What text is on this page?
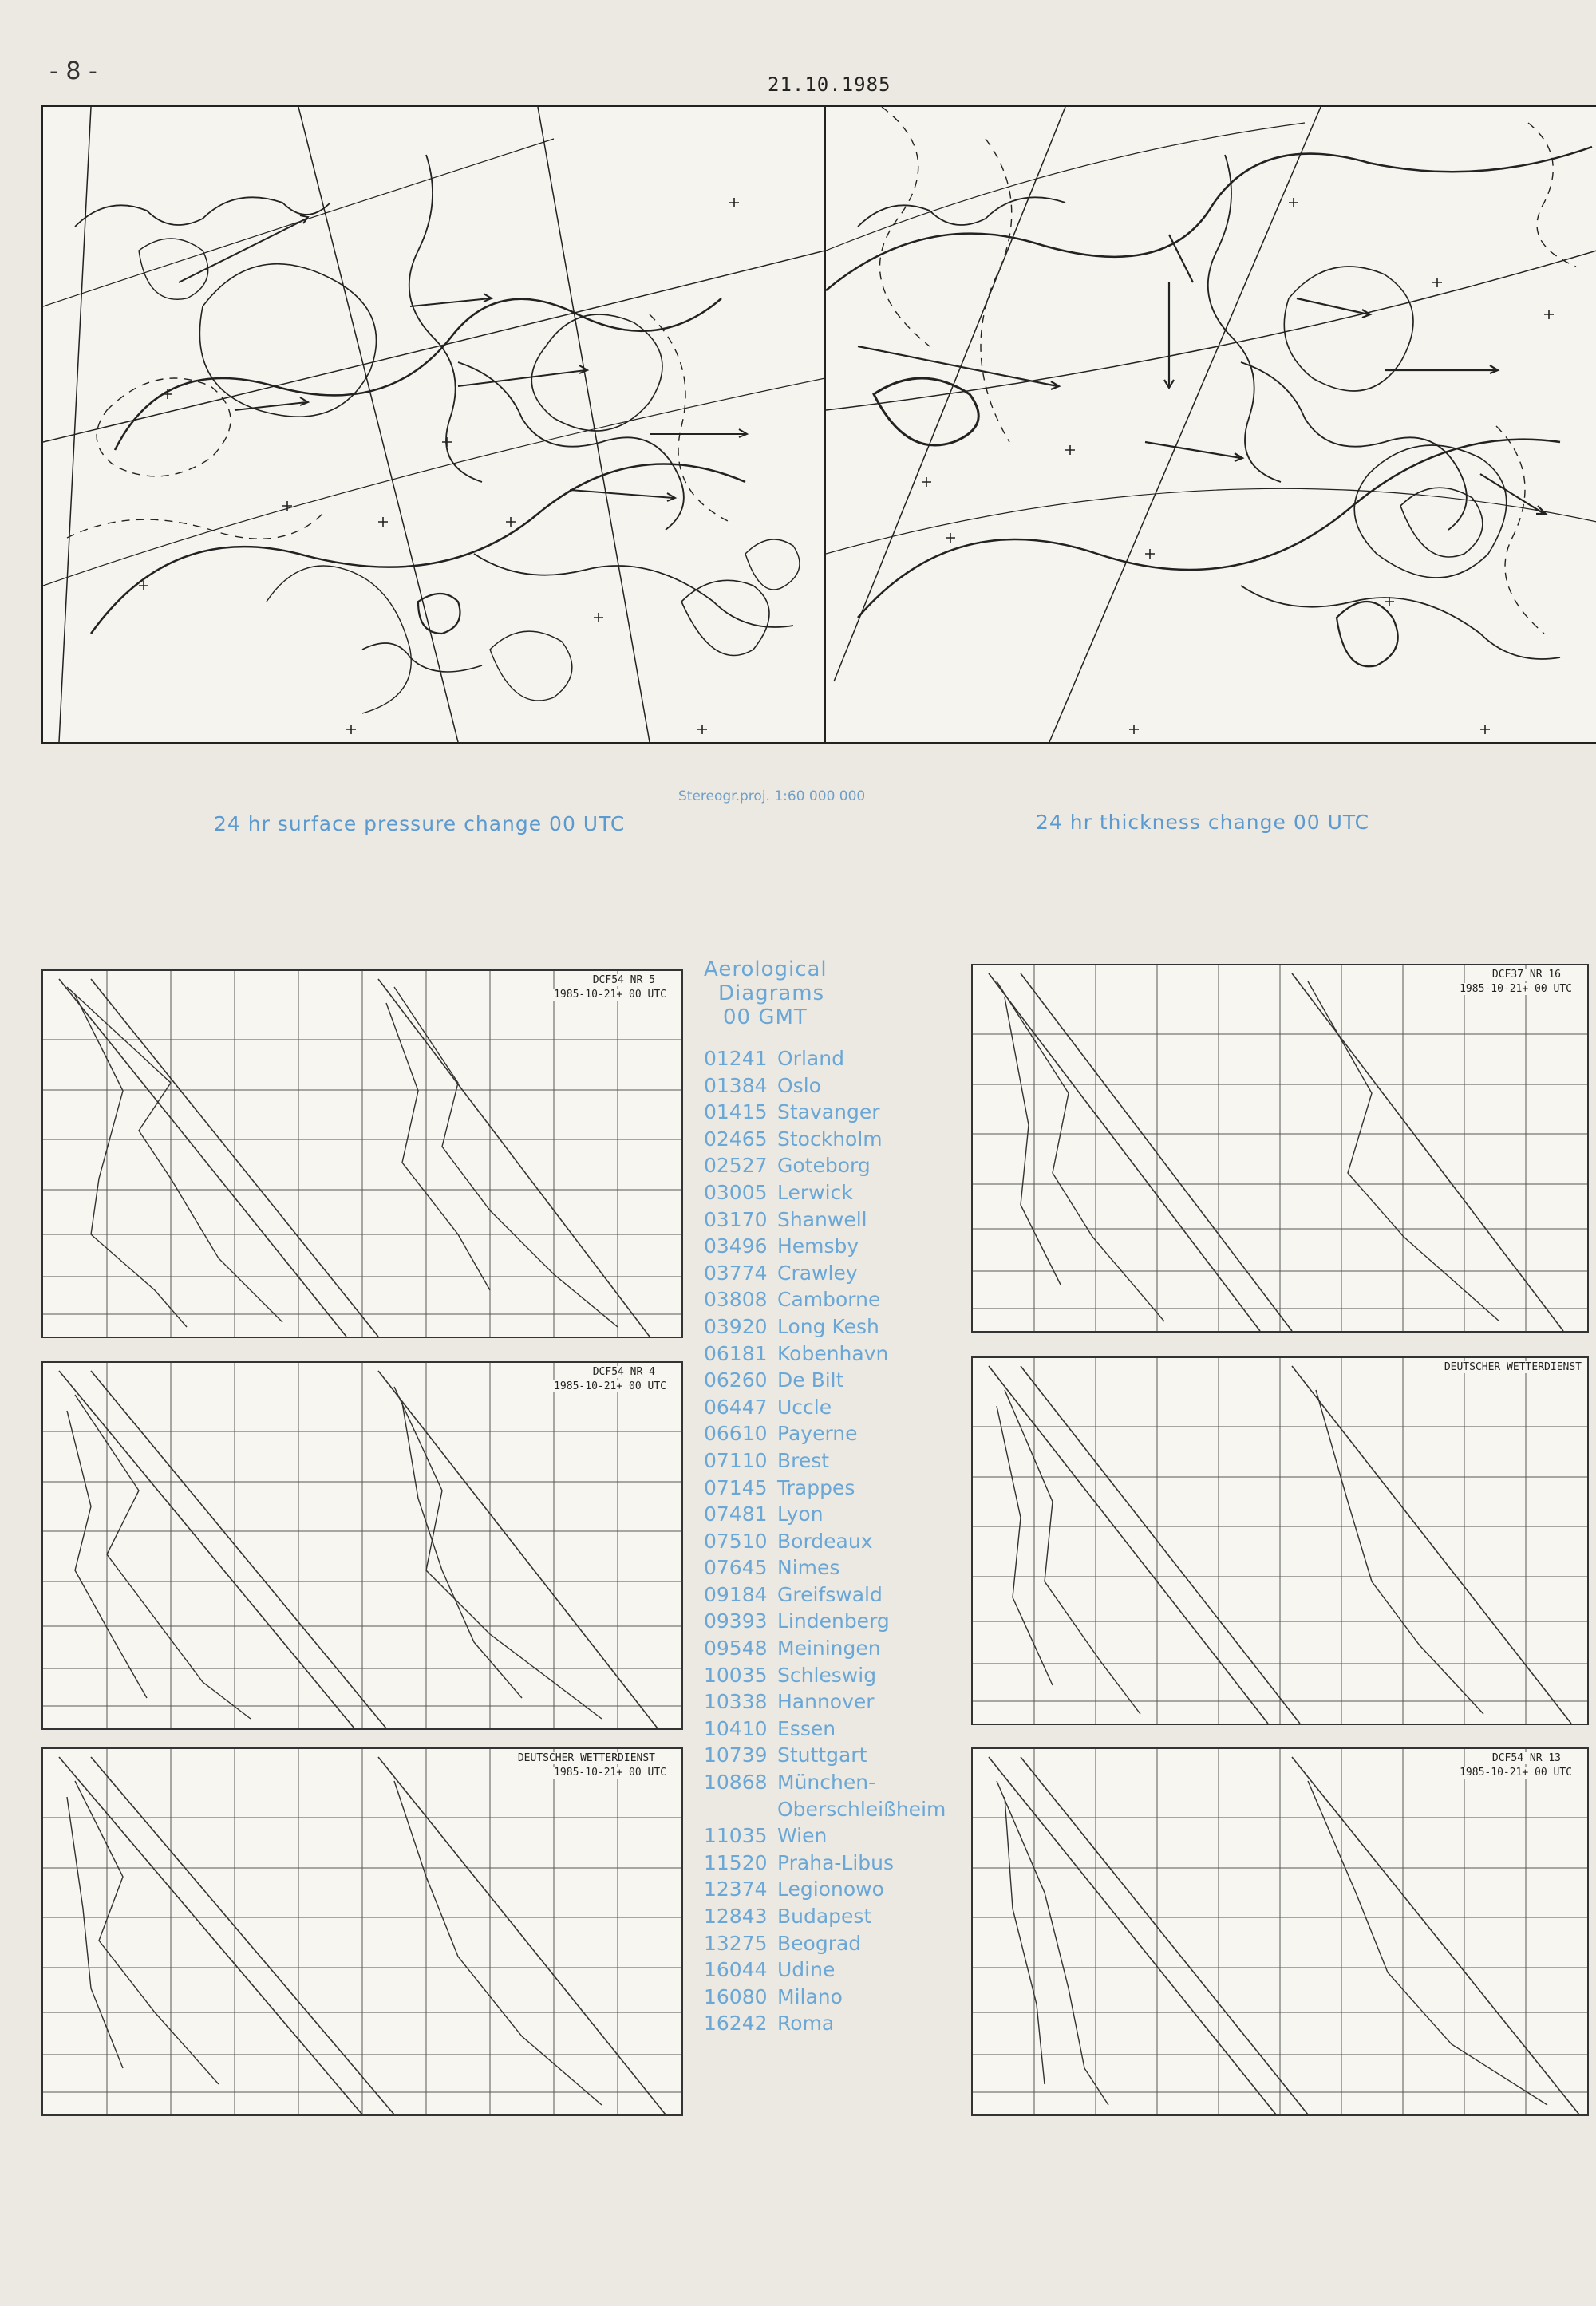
- 8 -	21.10.1985
24 hr surface pressure change 00 UTC
Stereogr.proj. 1:60 000 000
24 hr thickness change 00 UTC
DCF54 NR 5
1985-10-21+ 00 UTC
DCF54 NR 4
1985-10-21+ 00 UTC
DEUTSCHER WETTERDIENST
1985-10-21+ 00 UTC
Aerological
Diagrams
00 GMT
01241 Orland
01384 Oslo
01415 Stavanger
02465 Stockholm
02527 Goteborg
03005 Lerwick
03170 Shanwell
03496 Hemsby
03774 Crawley
03808 Camborne
03920 Long Kesh
06181 Kobenhavn
06260 De Bilt
06447 Uccle
06610 Payerne
07110 Brest
07145 Trappes
07481 Lyon
07510 Bordeaux
07645 Nimes
09184 Greifswald
09393 Lindenberg
09548 Meiningen
10035 Schleswig
10338 Hannover
10410 Essen
10739 Stuttgart
10868 München-
Oberschleißheim
11035 Wien
11520 Praha-Libus
12374 Legionowo
12843 Budapest
13275 Beograd
16044 Udine
16080 Milano
16242 Roma
DCF37 NR 16
1985-10-21+ 00 UTC
DEUTSCHER WETTERDIENST
DCF54 NR 13
1985-10-21+ 00 UTC
